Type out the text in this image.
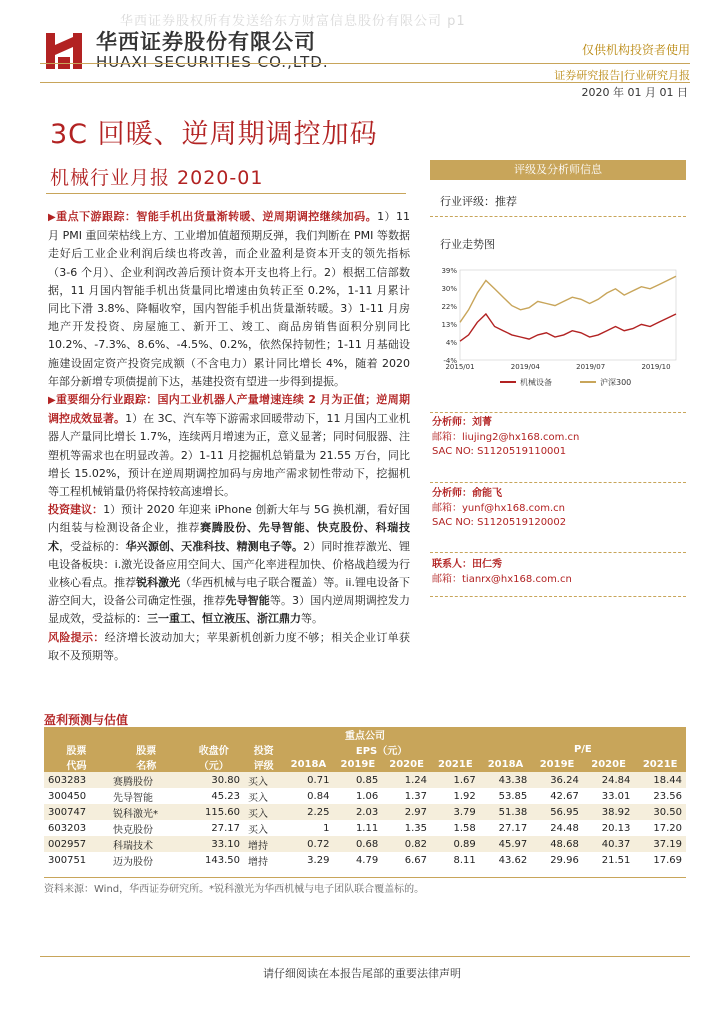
华西证券股权所有发送给东方财富信息股份有限公司 p1
华西证券股份有限公司
HUAXI SECURITIES CO.,LTD.
仅供机构投资者使用
证券研究报告|行业研究月报
2020 年 01 月 01 日
3C 回暖、逆周期调控加码
机械行业月报 2020-01

▶重点下游跟踪：智能手机出货量渐转暖、逆周期调控继续加码。1）11 月 PMI 重回荣枯线上方、工业增加值超预期反弹，我们判断在 PMI 等数据走好后工业企业利润后续也将改善，而企业盈利是资本开支的领先指标（3-6 个月）、企业利润改善后预计资本开支也将上行。2）根据工信部数据，11 月国内智能手机出货量同比增速由负转正至 0.2%，1-11 月累计同比下滑 3.8%、降幅收窄，国内智能手机出货量渐转暖。3）1-11 月房地产开发投资、房屋施工、新开工、竣工、商品房销售面积分别同比 10.2%、-7.3%、8.6%、-4.5%、0.2%，依然保持韧性；1-11 月基础设施建设固定资产投资完成额（不含电力）累计同比增长 4%，随着 2020 年部分新增专项债提前下达，基建投资有望进一步得到提振。

▶重要细分行业跟踪：国内工业机器人产量增速连续 2 月为正值；逆周期调控成效显著。1）在 3C、汽车等下游需求回暖带动下，11 月国内工业机器人产量同比增长 1.7%，连续两月增速为正，意义显著；同时伺服器、注塑机等需求也在明显改善。2）1-11 月挖掘机总销量为 21.55 万台，同比增长 15.02%，预计在逆周期调控加码与房地产需求韧性带动下，挖掘机等工程机械销量仍将保持较高速增长。

投资建议：1）预计 2020 年迎来 iPhone 创新大年与 5G 换机潮，看好国内组装与检测设备企业，推荐赛腾股份、先导智能、快克股份、科瑞技术，受益标的：华兴源创、天准科技、精测电子等。2）同时推荐激光、锂电设备板块：i.激光设备应用空间大、国产化率进程加快、价格战趋缓为行业核心看点。推荐锐科激光（华西机械与电子联合覆盖）等。ii.锂电设备下游空间大，设备公司确定性强，推荐先导智能等。3）国内逆周期调控发力显成效，受益标的：三一重工、恒立液压、浙江鼎力等。

风险提示：经济增长波动加大；苹果新机创新力度不够；相关企业订单获取不及预期等。

评级及分析师信息
行业评级：推荐
行业走势图
39%
30%
22%
13%
4%
-4%
2015/01	2019/04	2019/07	2019/10
机械设备	沪深300
分析师：刘菁
邮箱：liujing2@hx168.com.cn
SAC NO: S1120519110001
分析师：俞能飞
邮箱：yunf@hx168.com.cn
SAC NO: S1120519120002
联系人：田仁秀
邮箱：tianrx@hx168.com.cn
盈利预测与估值
重点公司											
股票	股票	收盘价	投资	EPS（元）				P/E			
代码	名称	（元）	评级	2018A	2019E	2020E	2021E	2018A	2019E	2020E	2021E
603283	赛腾股份	30.80	买入	0.71	0.85	1.24	1.67	43.38	36.24	24.84	18.44
300450	先导智能	45.23	买入	0.84	1.06	1.37	1.92	53.85	42.67	33.01	23.56
300747	锐科激光*	115.60	买入	2.25	2.03	2.97	3.79	51.38	56.95	38.92	30.50
603203	快克股份	27.17	买入	1	1.11	1.35	1.58	27.17	24.48	20.13	17.20
002957	科瑞技术	33.10	增持	0.72	0.68	0.82	0.89	45.97	48.68	40.37	37.19
300751	迈为股份	143.50	增持	3.29	4.79	6.67	8.11	43.62	29.96	21.51	17.69
资料来源：Wind，华西证券研究所。*锐科激光为华西机械与电子团队联合覆盖标的。
请仔细阅读在本报告尾部的重要法律声明
